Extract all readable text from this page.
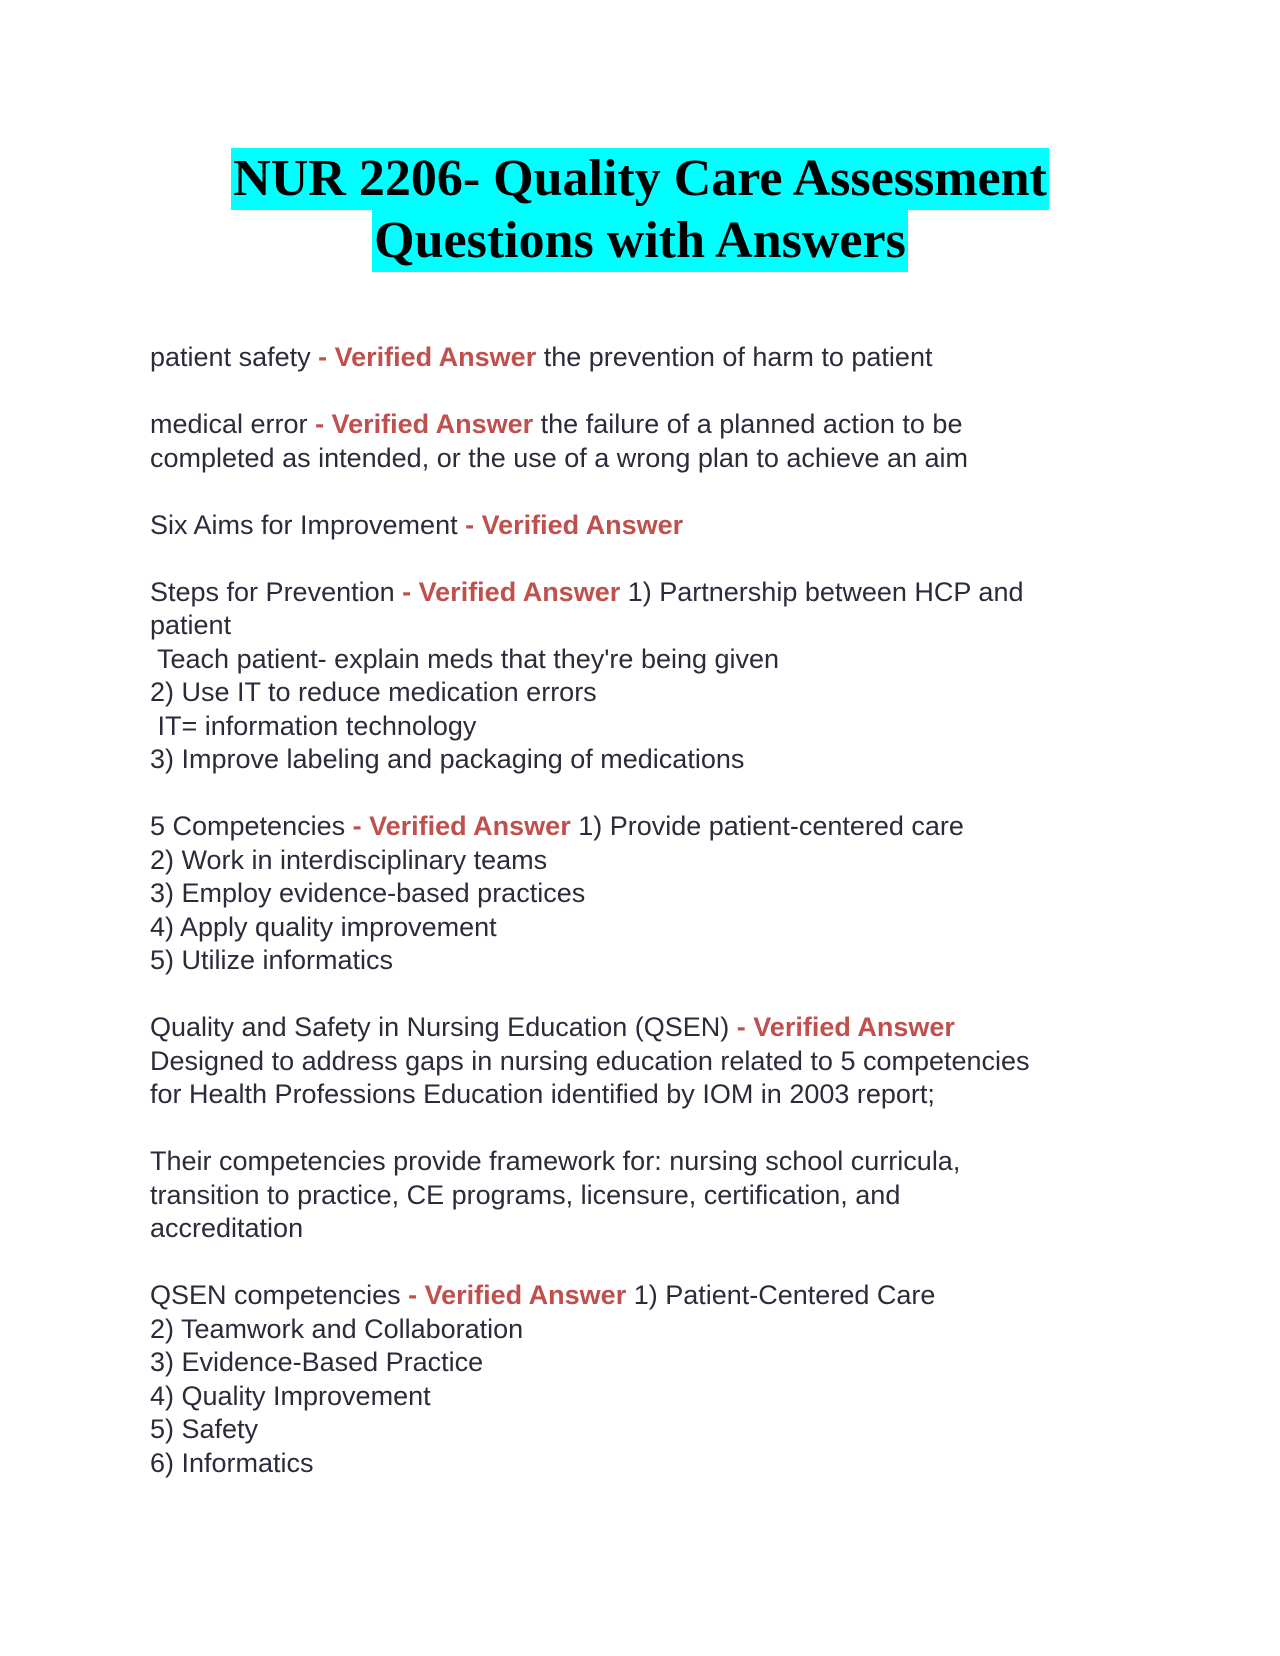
NUR 2206- Quality Care Assessment
Questions with Answers
patient safety - Verified Answer the prevention of harm to patient
medical error - Verified Answer the failure of a planned action to be
completed as intended, or the use of a wrong plan to achieve an aim
Six Aims for Improvement - Verified Answer
Steps for Prevention - Verified Answer 1) Partnership between HCP and
patient
Teach patient- explain meds that they're being given
2) Use IT to reduce medication errors
IT= information technology
3) Improve labeling and packaging of medications
5 Competencies - Verified Answer 1) Provide patient-centered care
2) Work in interdisciplinary teams
3) Employ evidence-based practices
4) Apply quality improvement
5) Utilize informatics
Quality and Safety in Nursing Education (QSEN) - Verified Answer
Designed to address gaps in nursing education related to 5 competencies
for Health Professions Education identified by IOM in 2003 report;

Their competencies provide framework for: nursing school curricula,
transition to practice, CE programs, licensure, certification, and
accreditation
QSEN competencies - Verified Answer 1) Patient-Centered Care
2) Teamwork and Collaboration
3) Evidence-Based Practice
4) Quality Improvement
5) Safety
6) Informatics
